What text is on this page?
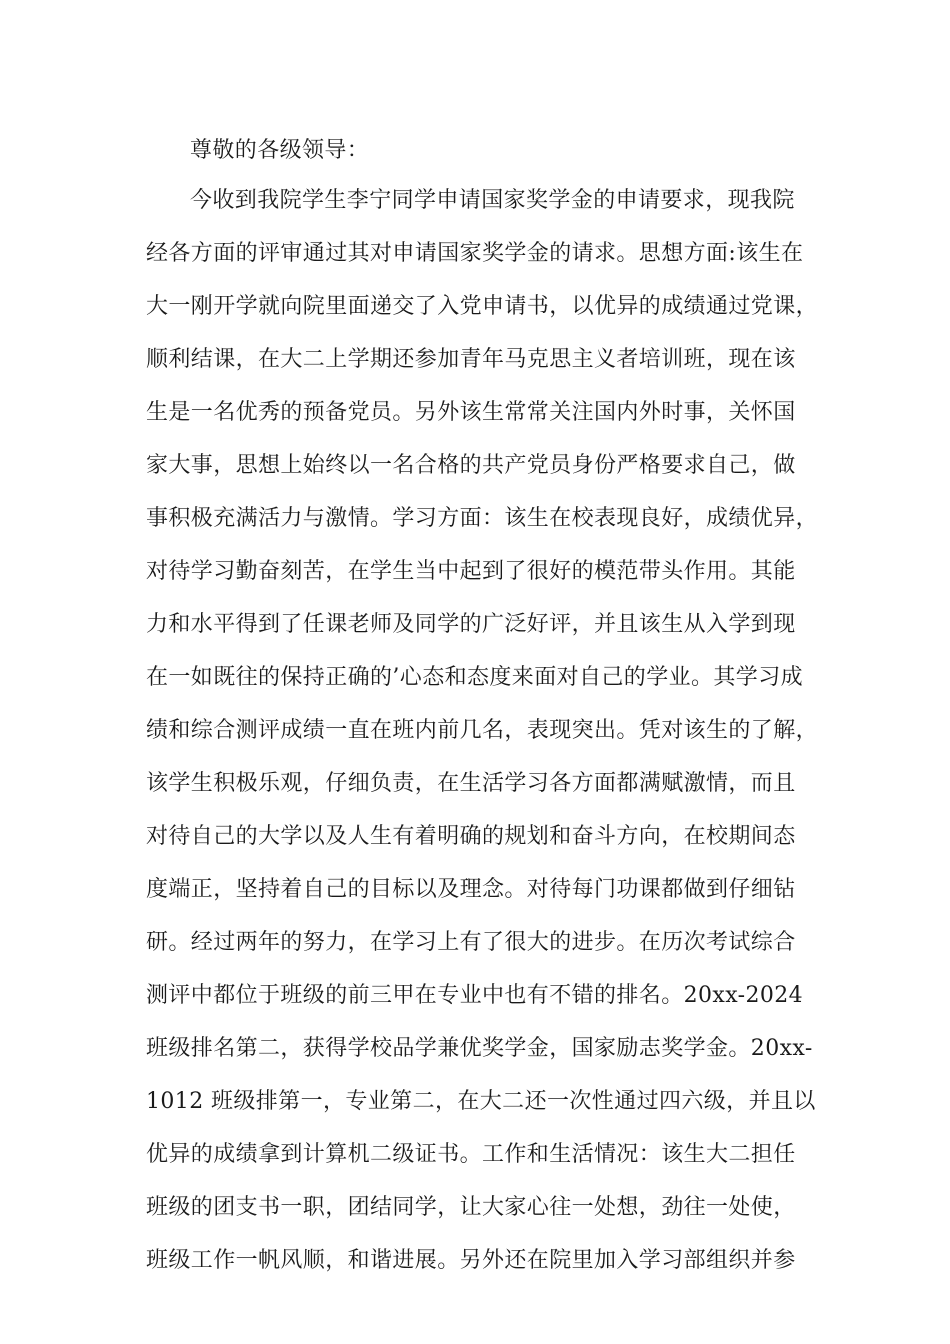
尊敬的各级领导：
今收到我院学生李宁同学申请国家奖学金的申请要求，现我院
经各方面的评审通过其对申请国家奖学金的请求。思想方面:该生在
大一刚开学就向院里面递交了入党申请书，以优异的成绩通过党课，
顺利结课，在大二上学期还参加青年马克思主义者培训班，现在该
生是一名优秀的预备党员。另外该生常常关注国内外时事，关怀国
家大事，思想上始终以一名合格的共产党员身份严格要求自己，做
事积极充满活力与激情。学习方面：该生在校表现良好，成绩优异，
对待学习勤奋刻苦，在学生当中起到了很好的模范带头作用。其能
力和水平得到了任课老师及同学的广泛好评，并且该生从入学到现
在一如既往的保持正确的’心态和态度来面对自己的学业。其学习成
绩和综合测评成绩一直在班内前几名，表现突出。凭对该生的了解，
该学生积极乐观，仔细负责，在生活学习各方面都满赋激情，而且
对待自己的大学以及人生有着明确的规划和奋斗方向，在校期间态
度端正，坚持着自己的目标以及理念。对待每门功课都做到仔细钻
研。经过两年的努力，在学习上有了很大的进步。在历次考试综合
测评中都位于班级的前三甲在专业中也有不错的排名。20xx-2024
班级排名第二，获得学校品学兼优奖学金，国家励志奖学金。20xx-
1012 班级排第一，专业第二，在大二还一次性通过四六级，并且以
优异的成绩拿到计算机二级证书。工作和生活情况：该生大二担任
班级的团支书一职，团结同学，让大家心往一处想，劲往一处使，
班级工作一帆风顺，和谐进展。另外还在院里加入学习部组织并参
